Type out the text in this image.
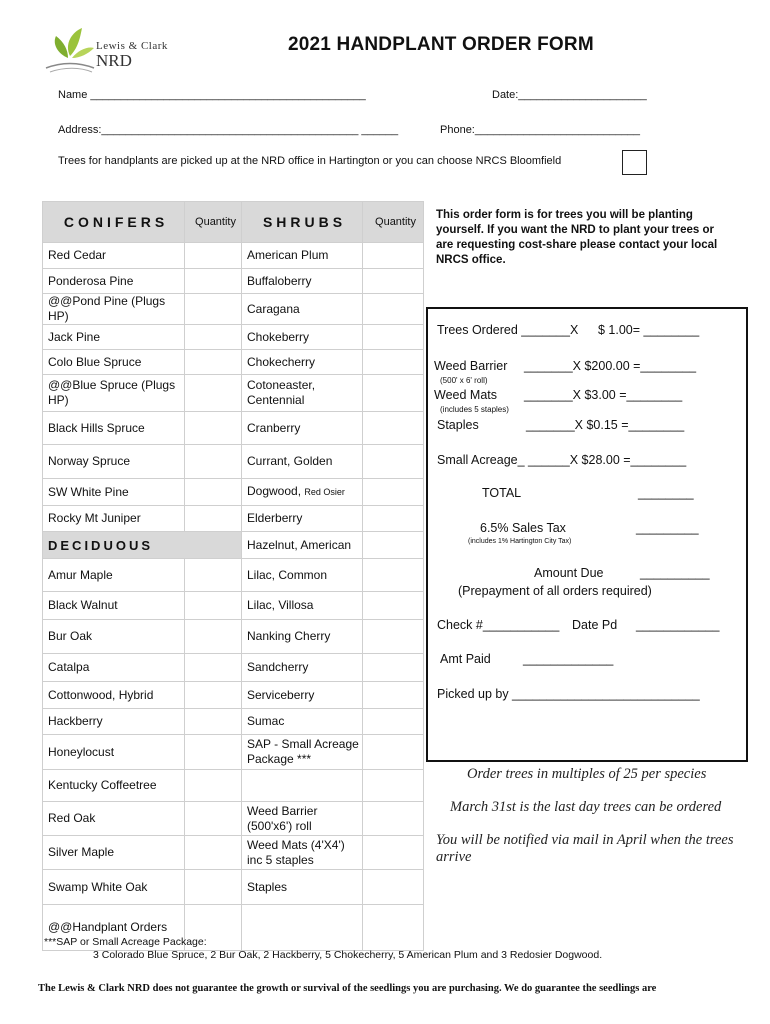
Lewis & Clark
NRD
2021 HANDPLANT ORDER FORM
Name _____________________________________________	Date:_____________________
Address:__________________________________________ ______	Phone:___________________________
Trees for handplants are picked up at the NRD office in Hartington or you can choose NRCS Bloomfield
CONIFERS	Quantity	SHRUBS	Quantity
Red Cedar		American Plum	
Ponderosa Pine		Buffaloberry	
@@Pond Pine (Plugs HP)		Caragana	
Jack Pine		Chokeberry	
Colo Blue Spruce		Chokecherry	
@@Blue Spruce (Plugs HP)		Cotoneaster, Centennial	
Black Hills Spruce		Cranberry	
Norway Spruce		Currant, Golden	
SW White Pine		Dogwood, Red Osier	
Rocky Mt Juniper		Elderberry	
DECIDUOUS		Hazelnut, American	
Amur Maple		Lilac, Common	
Black Walnut		Lilac, Villosa	
Bur Oak		Nanking Cherry	
Catalpa		Sandcherry	
Cottonwood, Hybrid		Serviceberry	
Hackberry		Sumac	
Honeylocust		SAP - Small Acreage Package ***	
Kentucky Coffeetree			
Red Oak		Weed Barrier (500'x6') roll	
Silver Maple		Weed Mats (4'X4') inc 5 staples	
Swamp White Oak		Staples	
@@Handplant Orders			
This order form is for trees you will be planting yourself. If you want the NRD to plant your trees or are requesting cost-share please contact your local NRCS office.
Trees Ordered _______X $ 1.00= ________
Weed Barrier _______X $200.00 =________
(500' x 6' roll)
Weed Mats _______X $3.00 =________
(includes 5 staples)
Staples	_______X $0.15 =________
Small Acreage_ ______X $28.00 =________
TOTAL	________
6.5% Sales Tax
(includes 1% Hartington City Tax)
_________
Amount Due	__________
(Prepayment of all orders required)
Check #___________ Date Pd ____________
Amt Paid	_____________
Picked up by ___________________________
Order trees in multiples of 25 per species
March 31st is the last day trees can be ordered
You will be notified via mail in April when the trees arrive
***SAP or Small Acreage Package:
3 Colorado Blue Spruce, 2 Bur Oak, 2 Hackberry, 5 Chokecherry, 5 American Plum and 3 Redosier Dogwood.
The Lewis & Clark NRD does not guarantee the growth or survival of the seedlings you are purchasing. We do guarantee the seedlings are
